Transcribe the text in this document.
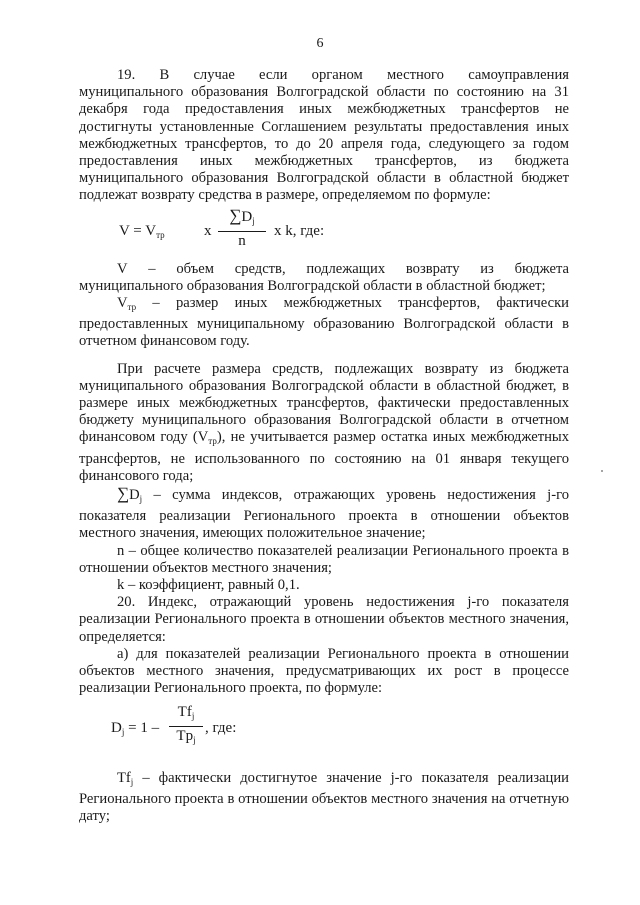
6

19.    В    случае    если    органом    местного    самоуправления муниципального образования Волгоградской области по состоянию на 31 декабря года предоставления иных межбюджетных трансфертов не достигнуты установленные Соглашением результаты предоставления иных межбюджетных трансфертов, то до 20 апреля года, следующего за годом предоставления иных межбюджетных трансфертов, из бюджета муниципального образования Волгоградской области в областной бюджет подлежат возврату средства в размере, определяемом по формуле:

$V = V_{тр}$	x $\frac{\sum D_j}{n}$ x k, где:

V   –   объем   средств,   подлежащих   возврату   из   бюджета муниципального образования Волгоградской области в областной бюджет;

$V_{тр}$ – размер иных межбюджетных трансфертов, фактически предоставленных муниципальному образованию Волгоградской области в отчетном финансовом году.

При расчете размера средств, подлежащих возврату из бюджета муниципального образования Волгоградской области в областной бюджет, в размере иных межбюджетных трансфертов, фактически предоставленных бюджету муниципального образования Волгоградской области в отчетном финансовом году $(V_{тр})$, не учитывается размер остатка иных межбюджетных трансфертов, не использованного по состоянию на 01 января текущего финансового года;

$\sum D_j$ – сумма индексов, отражающих уровень недостижения j-го показателя реализации Регионального проекта в отношении объектов местного значения, имеющих положительное значение;

n – общее количество показателей реализации Регионального проекта в отношении объектов местного значения;

k – коэффициент, равный 0,1.

20. Индекс, отражающий уровень недостижения j-го показателя реализации Регионального проекта в отношении объектов местного значения, определяется:

а) для показателей реализации Регионального проекта в отношении объектов местного значения, предусматривающих их рост в процессе реализации Регионального проекта, по формуле:

$D_j = 1$ –
$Tf_j$
$Tp_j$
, где:

$Tf_j$ – фактически достигнутое значение j-го показателя реализации Регионального проекта в отношении объектов местного значения на отчетную дату;
